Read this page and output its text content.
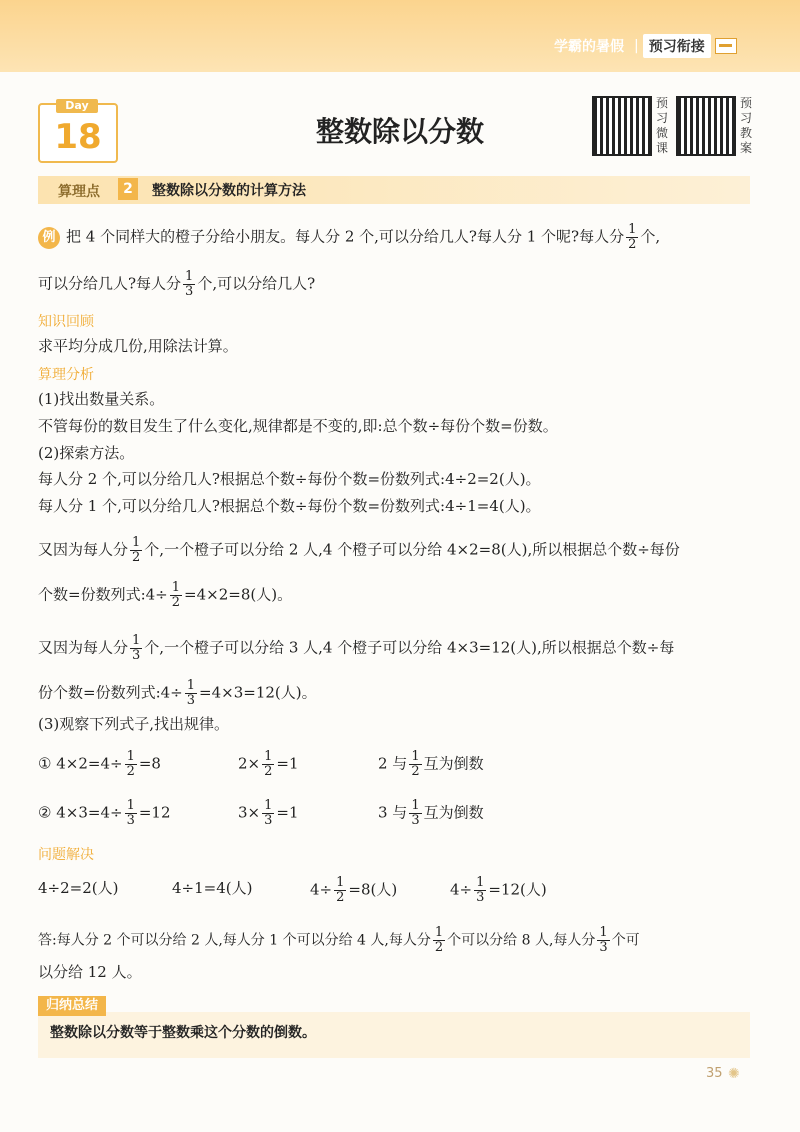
学霸的暑假 | 预习衔接
Day
18	整数除以分数
预
习
微
课
预
习
教
案
算理点	2	整数除以分数的计算方法
例 把 4 个同样大的橙子分给小朋友。每人分 2 个,可以分给几人?每人分 1 个呢?每人分 $\frac{1}{2}$ 个,
可以分给几人?每人分 $\frac{1}{3}$ 个,可以分给几人?
知识回顾
求平均分成几份,用除法计算。
算理分析
(1)找出数量关系。
不管每份的数目发生了什么变化,规律都是不变的,即:总个数÷每份个数=份数。
(2)探索方法。
每人分 2 个,可以分给几人?根据总个数÷每份个数=份数列式:4÷2=2(人)。
每人分 1 个,可以分给几人?根据总个数÷每份个数=份数列式:4÷1=4(人)。
又因为每人分 $\frac{1}{2}$ 个,一个橙子可以分给 2 人,4 个橙子可以分给 4×2=8(人),所以根据总个数÷每份
个数=份数列式:4÷ $\frac{1}{2} =4\times 2=8$(人)。
又因为每人分 $\frac{1}{3}$ 个,一个橙子可以分给 3 人,4 个橙子可以分给 4×3=12(人),所以根据总个数÷每
份个数=份数列式:4÷ $\frac{1}{3} =4\times 3=12$(人)。
(3)观察下列式子,找出规律。
① $4\times 2=4\div \frac{1}{2} =8$	$2\times \frac{1}{2} =1$	2 与 $\frac{1}{2}$ 互为倒数
② $4\times 3=4\div \frac{1}{3} =12$	$3\times \frac{1}{3} =1$	3 与 $\frac{1}{3}$ 互为倒数
问题解决
4÷2=2(人)	4÷1=4(人)	$4\div \frac{1}{2} =8$(人)	$4\div \frac{1}{3} =12$(人)
答:每人分 2 个可以分给 2 人,每人分 1 个可以分给 4 人,每人分 $\frac{1}{2}$ 个可以分给 8 人,每人分 $\frac{1}{3}$ 个可
以分给 12 人。
整数除以分数等于整数乘这个分数的倒数。
归纳总结
35 ✺
